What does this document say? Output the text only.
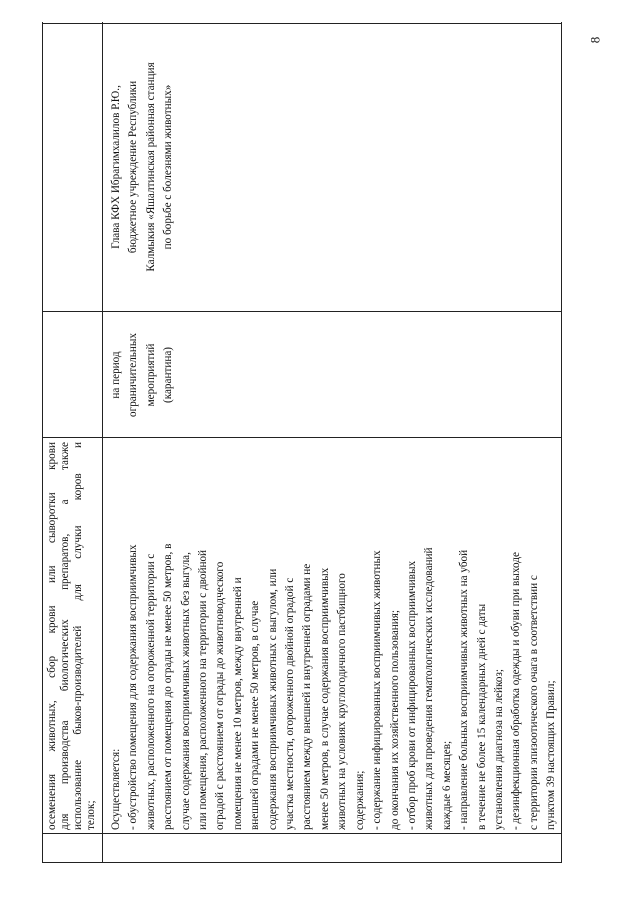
осеменения животных, сбор крови или сыворотки крови для производства биологических препаратов, а также использование быков-производителей для случки коров и телок; Осуществляется: - обустройство помещения для содержания восприимчивых животных, расположенного на огороженной территории с расстоянием от помещения до ограды не менее 50 метров, в случае содержания восприимчивых животных без выгула, или помещения, расположенного на территории с двойной оградой с расстоянием от ограды до животноводческого помещения не менее 10 метров, между внутренней и внешней оградами не менее 50 метров, в случае содержания восприимчивых животных с выгулом, или участка местности, огороженного двойной оградой с расстоянием между внешней и внутренней оградами не менее 50 метров, в случае содержания восприимчивых животных на условиях круглогодичного пастбищного содержания; - содержание инфицированных восприимчивых животных до окончания их хозяйственного пользования; - отбор проб крови от инфицированных восприимчивых животных для проведения гематологических исследований каждые 6 месяцев; - направление больных восприимчивых животных на убой в течение не более 15 календарных дней с даты установления диагноза на лейкоз; - дезинфекционная обработка одежды и обуви при выходе с территории эпизоотического очага в соответствии с пунктом 39 настоящих Правил;
на период ограничительных мероприятий (карантина)
Глава КФХ Ибрагимхалилов Р.Ю., бюджетное учреждение Республики Калмыкия «Яшалтинская районная станция по борьбе с болезнями животных»
8
